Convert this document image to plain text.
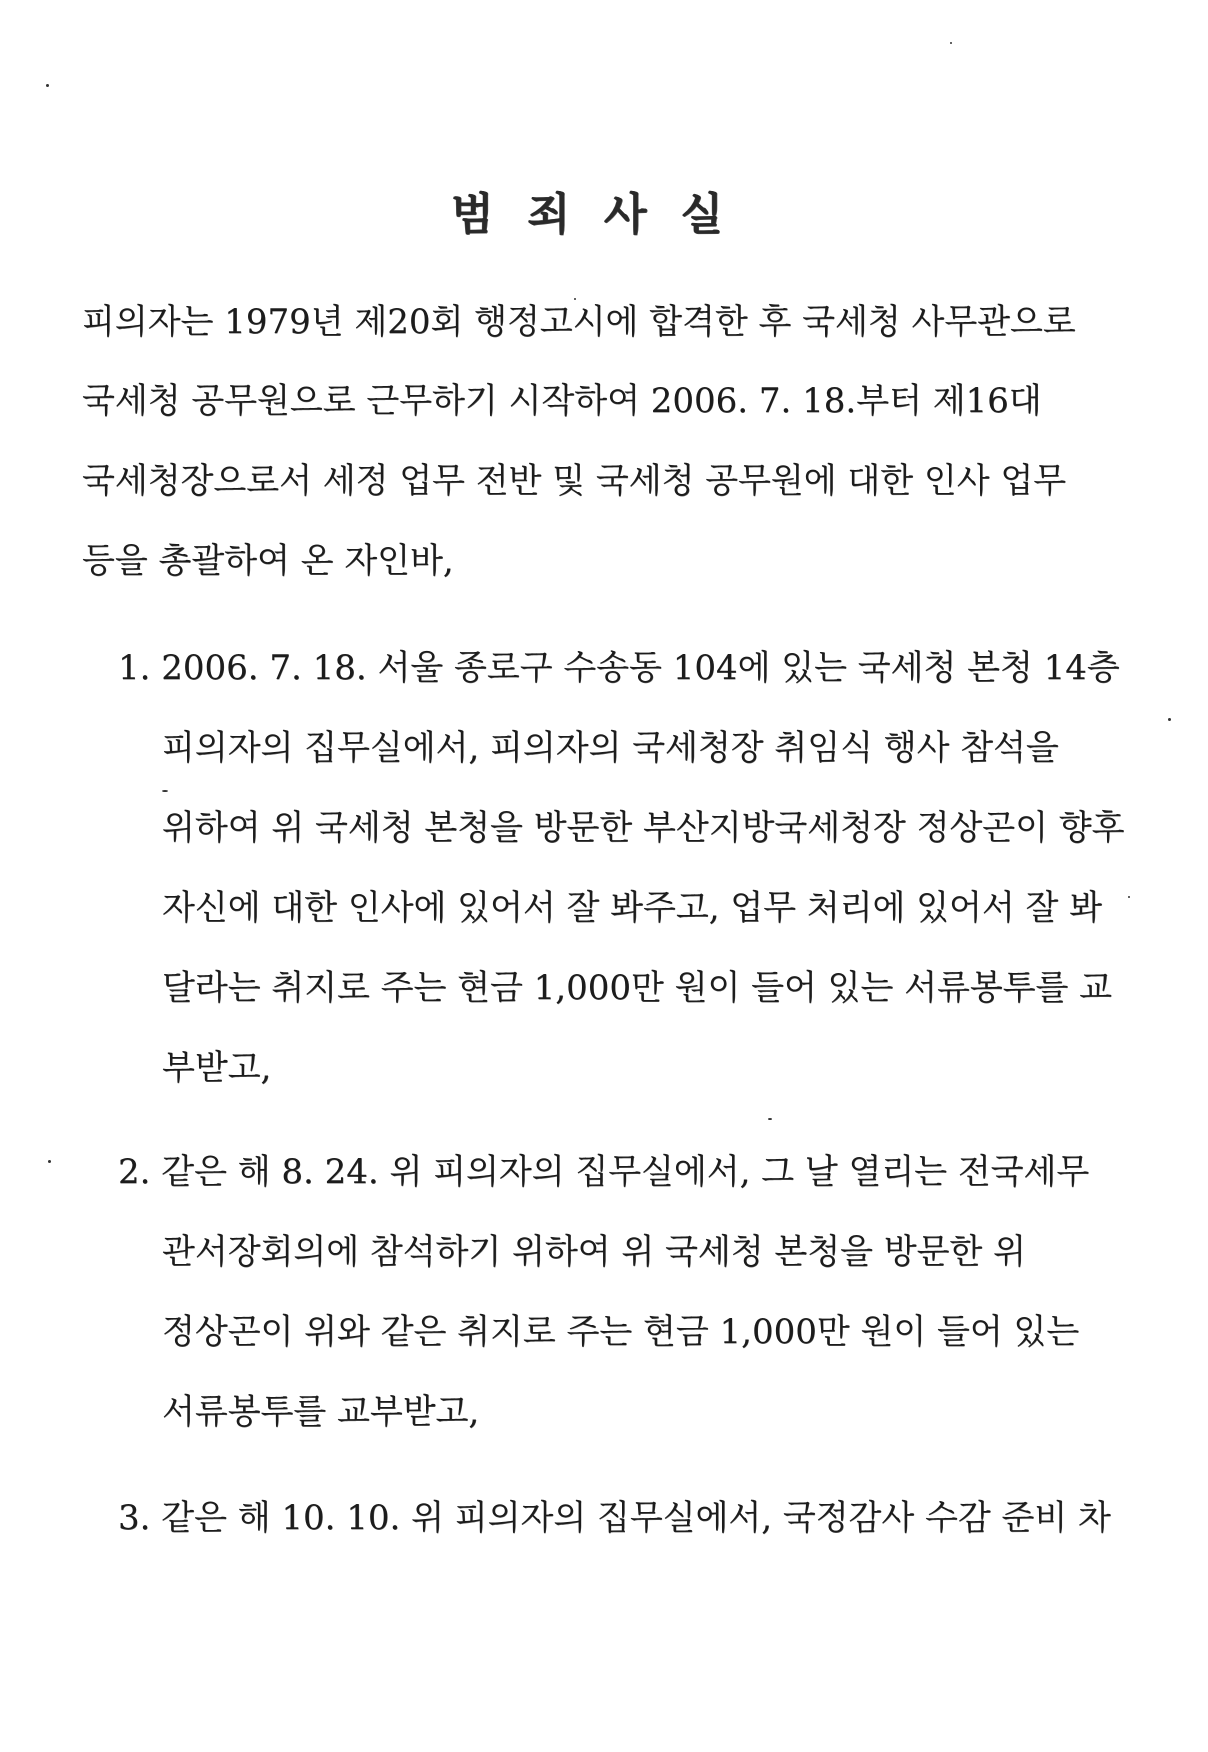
범죄사실
피의자는 1979년 제20회 행정고시에 합격한 후 국세청 사무관으로
국세청 공무원으로 근무하기 시작하여 2006. 7. 18.부터 제16대
국세청장으로서 세정 업무 전반 및 국세청 공무원에 대한 인사 업무
등을 총괄하여 온 자인바,
1. 2006. 7. 18. 서울 종로구 수송동 104에 있는 국세청 본청 14층
피의자의 집무실에서, 피의자의 국세청장 취임식 행사 참석을
위하여 위 국세청 본청을 방문한 부산지방국세청장 정상곤이 향후
자신에 대한 인사에 있어서 잘 봐주고, 업무 처리에 있어서 잘 봐
달라는 취지로 주는 현금 1,000만 원이 들어 있는 서류봉투를 교
부받고,
2. 같은 해 8. 24. 위 피의자의 집무실에서, 그 날 열리는 전국세무
관서장회의에 참석하기 위하여 위 국세청 본청을 방문한 위
정상곤이 위와 같은 취지로 주는 현금 1,000만 원이 들어 있는
서류봉투를 교부받고,
3. 같은 해 10. 10. 위 피의자의 집무실에서, 국정감사 수감 준비 차
